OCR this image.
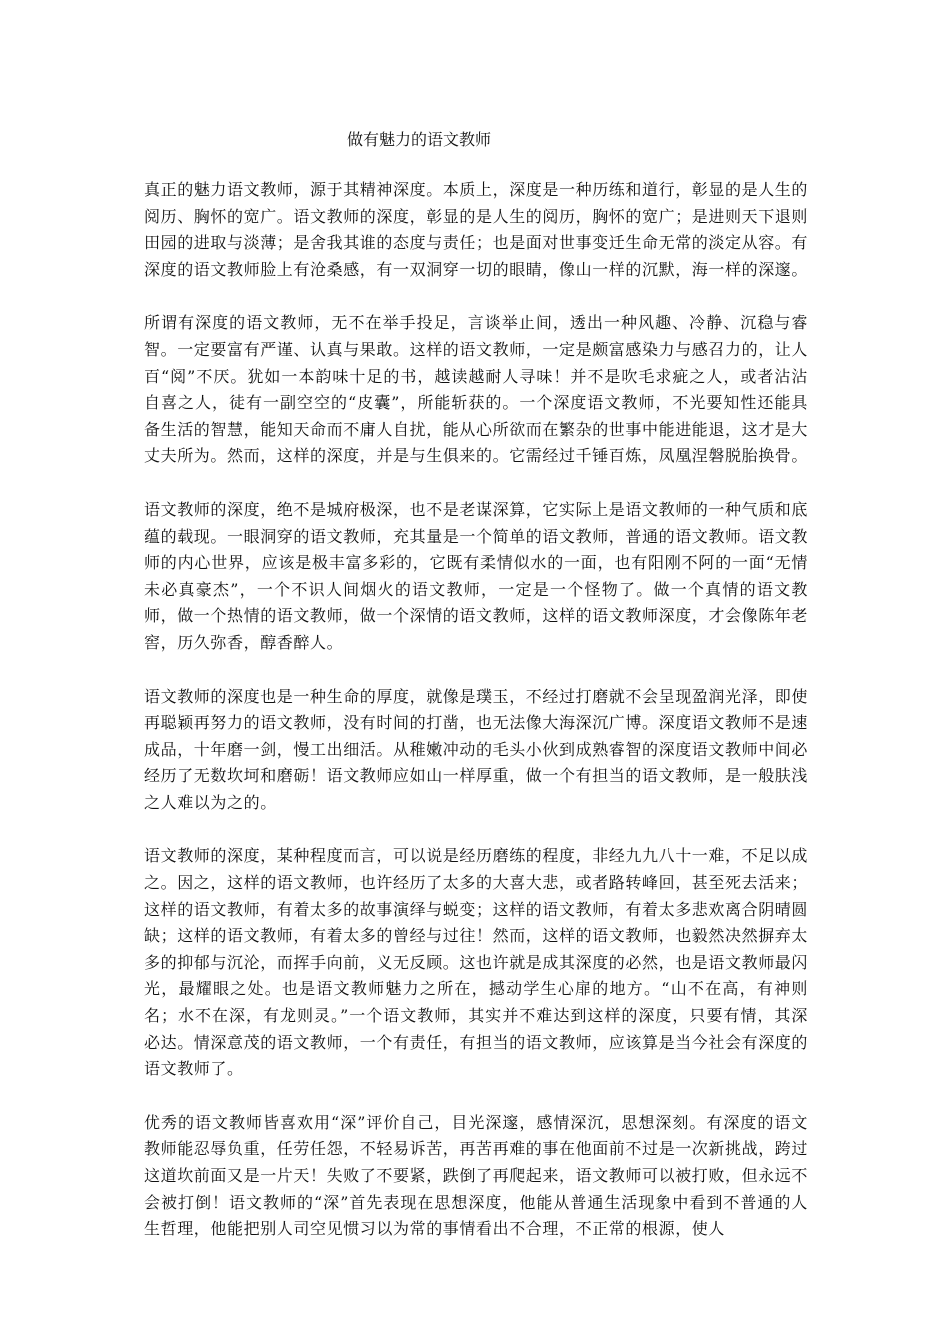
做有魅力的语文教师

真正的魅力语文教师，源于其精神深度。本质上，深度是一种历练和道行，彰显的是人生的阅历、胸怀的宽广。语文教师的深度，彰显的是人生的阅历，胸怀的宽广；是进则天下退则田园的进取与淡薄；是舍我其谁的态度与责任；也是面对世事变迁生命无常的淡定从容。有深度的语文教师脸上有沧桑感，有一双洞穿一切的眼睛，像山一样的沉默，海一样的深邃。

所谓有深度的语文教师，无不在举手投足，言谈举止间，透出一种风趣、冷静、沉稳与睿智。一定要富有严谨、认真与果敢。这样的语文教师，一定是颇富感染力与感召力的，让人百“阅”不厌。犹如一本韵味十足的书，越读越耐人寻味！并不是吹毛求疵之人，或者沾沾自喜之人，徒有一副空空的“皮囊”，所能斩获的。一个深度语文教师，不光要知性还能具备生活的智慧，能知天命而不庸人自扰，能从心所欲而在繁杂的世事中能进能退，这才是大丈夫所为。然而，这样的深度，并是与生俱来的。它需经过千锤百炼，凤凰涅磐脱胎换骨。

语文教师的深度，绝不是城府极深，也不是老谋深算，它实际上是语文教师的一种气质和底蕴的载现。一眼洞穿的语文教师，充其量是一个简单的语文教师，普通的语文教师。语文教师的内心世界，应该是极丰富多彩的，它既有柔情似水的一面，也有阳刚不阿的一面“无情未必真豪杰”，一个不识人间烟火的语文教师，一定是一个怪物了。做一个真情的语文教师，做一个热情的语文教师，做一个深情的语文教师，这样的语文教师深度，才会像陈年老窖，历久弥香，醇香醉人。

语文教师的深度也是一种生命的厚度，就像是璞玉，不经过打磨就不会呈现盈润光泽，即使再聪颖再努力的语文教师，没有时间的打凿，也无法像大海深沉广博。深度语文教师不是速成品，十年磨一剑，慢工出细活。从稚嫩冲动的毛头小伙到成熟睿智的深度语文教师中间必经历了无数坎坷和磨砺！语文教师应如山一样厚重，做一个有担当的语文教师，是一般肤浅之人难以为之的。

语文教师的深度，某种程度而言，可以说是经历磨练的程度，非经九九八十一难，不足以成之。因之，这样的语文教师，也许经历了太多的大喜大悲，或者路转峰回，甚至死去活来；这样的语文教师，有着太多的故事演绎与蜕变；这样的语文教师，有着太多悲欢离合阴晴圆缺；这样的语文教师，有着太多的曾经与过往！然而，这样的语文教师，也毅然决然摒弃太多的抑郁与沉沦，而挥手向前，义无反顾。这也许就是成其深度的必然，也是语文教师最闪光，最耀眼之处。也是语文教师魅力之所在，撼动学生心扉的地方。“山不在高，有神则名；水不在深，有龙则灵。”一个语文教师，其实并不难达到这样的深度，只要有情，其深必达。情深意茂的语文教师，一个有责任，有担当的语文教师，应该算是当今社会有深度的语文教师了。

优秀的语文教师皆喜欢用“深”评价自己，目光深邃，感情深沉，思想深刻。有深度的语文教师能忍辱负重，任劳任怨，不轻易诉苦，再苦再难的事在他面前不过是一次新挑战，跨过这道坎前面又是一片天！失败了不要紧，跌倒了再爬起来，语文教师可以被打败，但永远不会被打倒！语文教师的“深”首先表现在思想深度，他能从普通生活现象中看到不普通的人生哲理，他能把别人司空见惯习以为常的事情看出不合理，不正常的根源，使人
